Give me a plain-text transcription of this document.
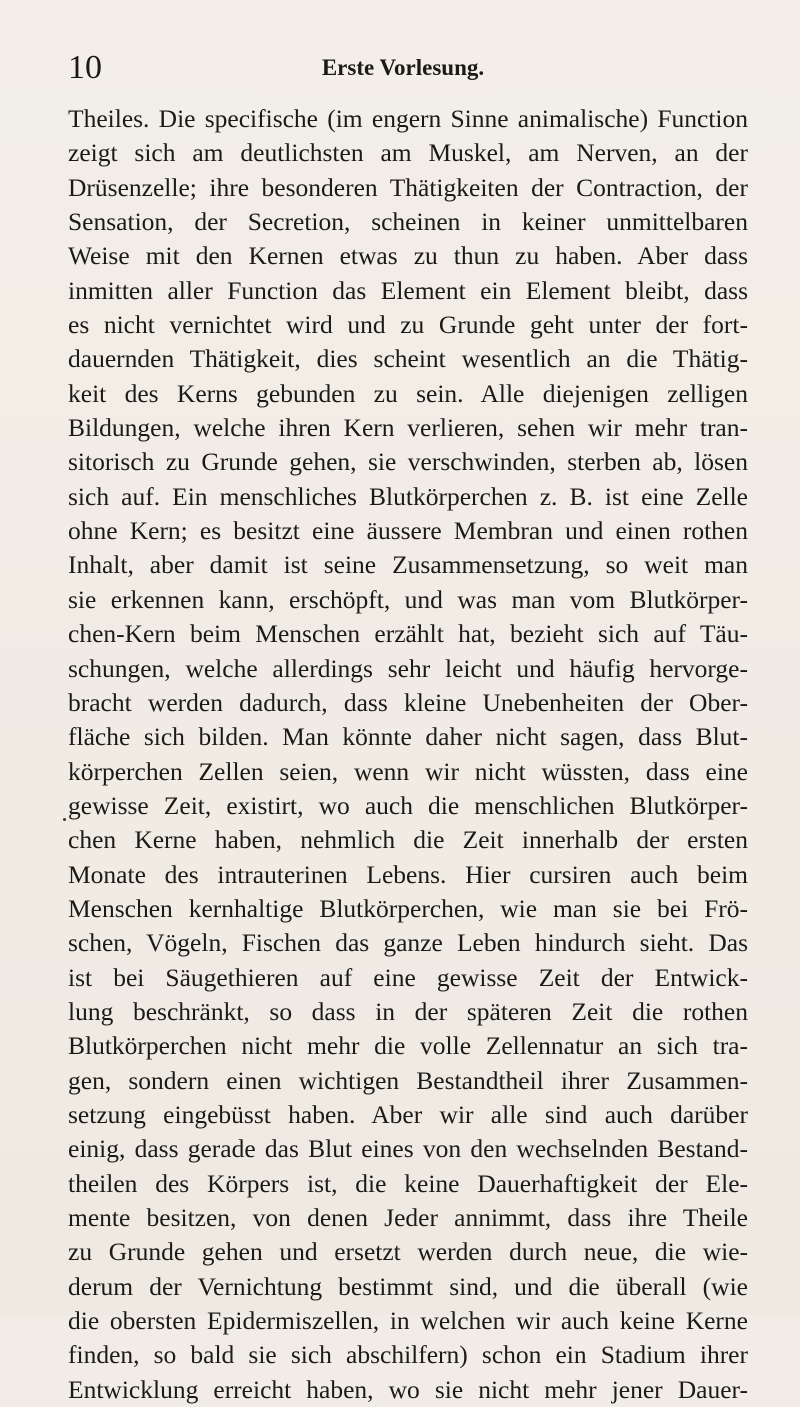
10	Erste Vorlesung.
Theiles. Die specifische (im engern Sinne animalische) Function
zeigt sich am deutlichsten am Muskel, am Nerven, an der
Drüsenzelle; ihre besonderen Thätigkeiten der Contraction, der
Sensation, der Secretion, scheinen in keiner unmittelbaren
Weise mit den Kernen etwas zu thun zu haben. Aber dass
inmitten aller Function das Element ein Element bleibt, dass
es nicht vernichtet wird und zu Grunde geht unter der fort-
dauernden Thätigkeit, dies scheint wesentlich an die Thätig-
keit des Kerns gebunden zu sein. Alle diejenigen zelligen
Bildungen, welche ihren Kern verlieren, sehen wir mehr tran-
sitorisch zu Grunde gehen, sie verschwinden, sterben ab, lösen
sich auf. Ein menschliches Blutkörperchen z. B. ist eine Zelle
ohne Kern; es besitzt eine äussere Membran und einen rothen
Inhalt, aber damit ist seine Zusammensetzung, so weit man
sie erkennen kann, erschöpft, und was man vom Blutkörper-
chen-Kern beim Menschen erzählt hat, bezieht sich auf Täu-
schungen, welche allerdings sehr leicht und häufig hervorge-
bracht werden dadurch, dass kleine Unebenheiten der Ober-
fläche sich bilden. Man könnte daher nicht sagen, dass Blut-
körperchen Zellen seien, wenn wir nicht wüssten, dass eine
gewisse Zeit, existirt, wo auch die menschlichen Blutkörper-
chen Kerne haben, nehmlich die Zeit innerhalb der ersten
Monate des intrauterinen Lebens. Hier cursiren auch beim
Menschen kernhaltige Blutkörperchen, wie man sie bei Frö-
schen, Vögeln, Fischen das ganze Leben hindurch sieht. Das
ist bei Säugethieren auf eine gewisse Zeit der Entwick-
lung beschränkt, so dass in der späteren Zeit die rothen
Blutkörperchen nicht mehr die volle Zellennatur an sich tra-
gen, sondern einen wichtigen Bestandtheil ihrer Zusammen-
setzung eingebüsst haben. Aber wir alle sind auch darüber
einig, dass gerade das Blut eines von den wechselnden Bestand-
theilen des Körpers ist, die keine Dauerhaftigkeit der Ele-
mente besitzen, von denen Jeder annimmt, dass ihre Theile
zu Grunde gehen und ersetzt werden durch neue, die wie-
derum der Vernichtung bestimmt sind, und die überall (wie
die obersten Epidermiszellen, in welchen wir auch keine Kerne
finden, so bald sie sich abschilfern) schon ein Stadium ihrer
Entwicklung erreicht haben, wo sie nicht mehr jener Dauer-
